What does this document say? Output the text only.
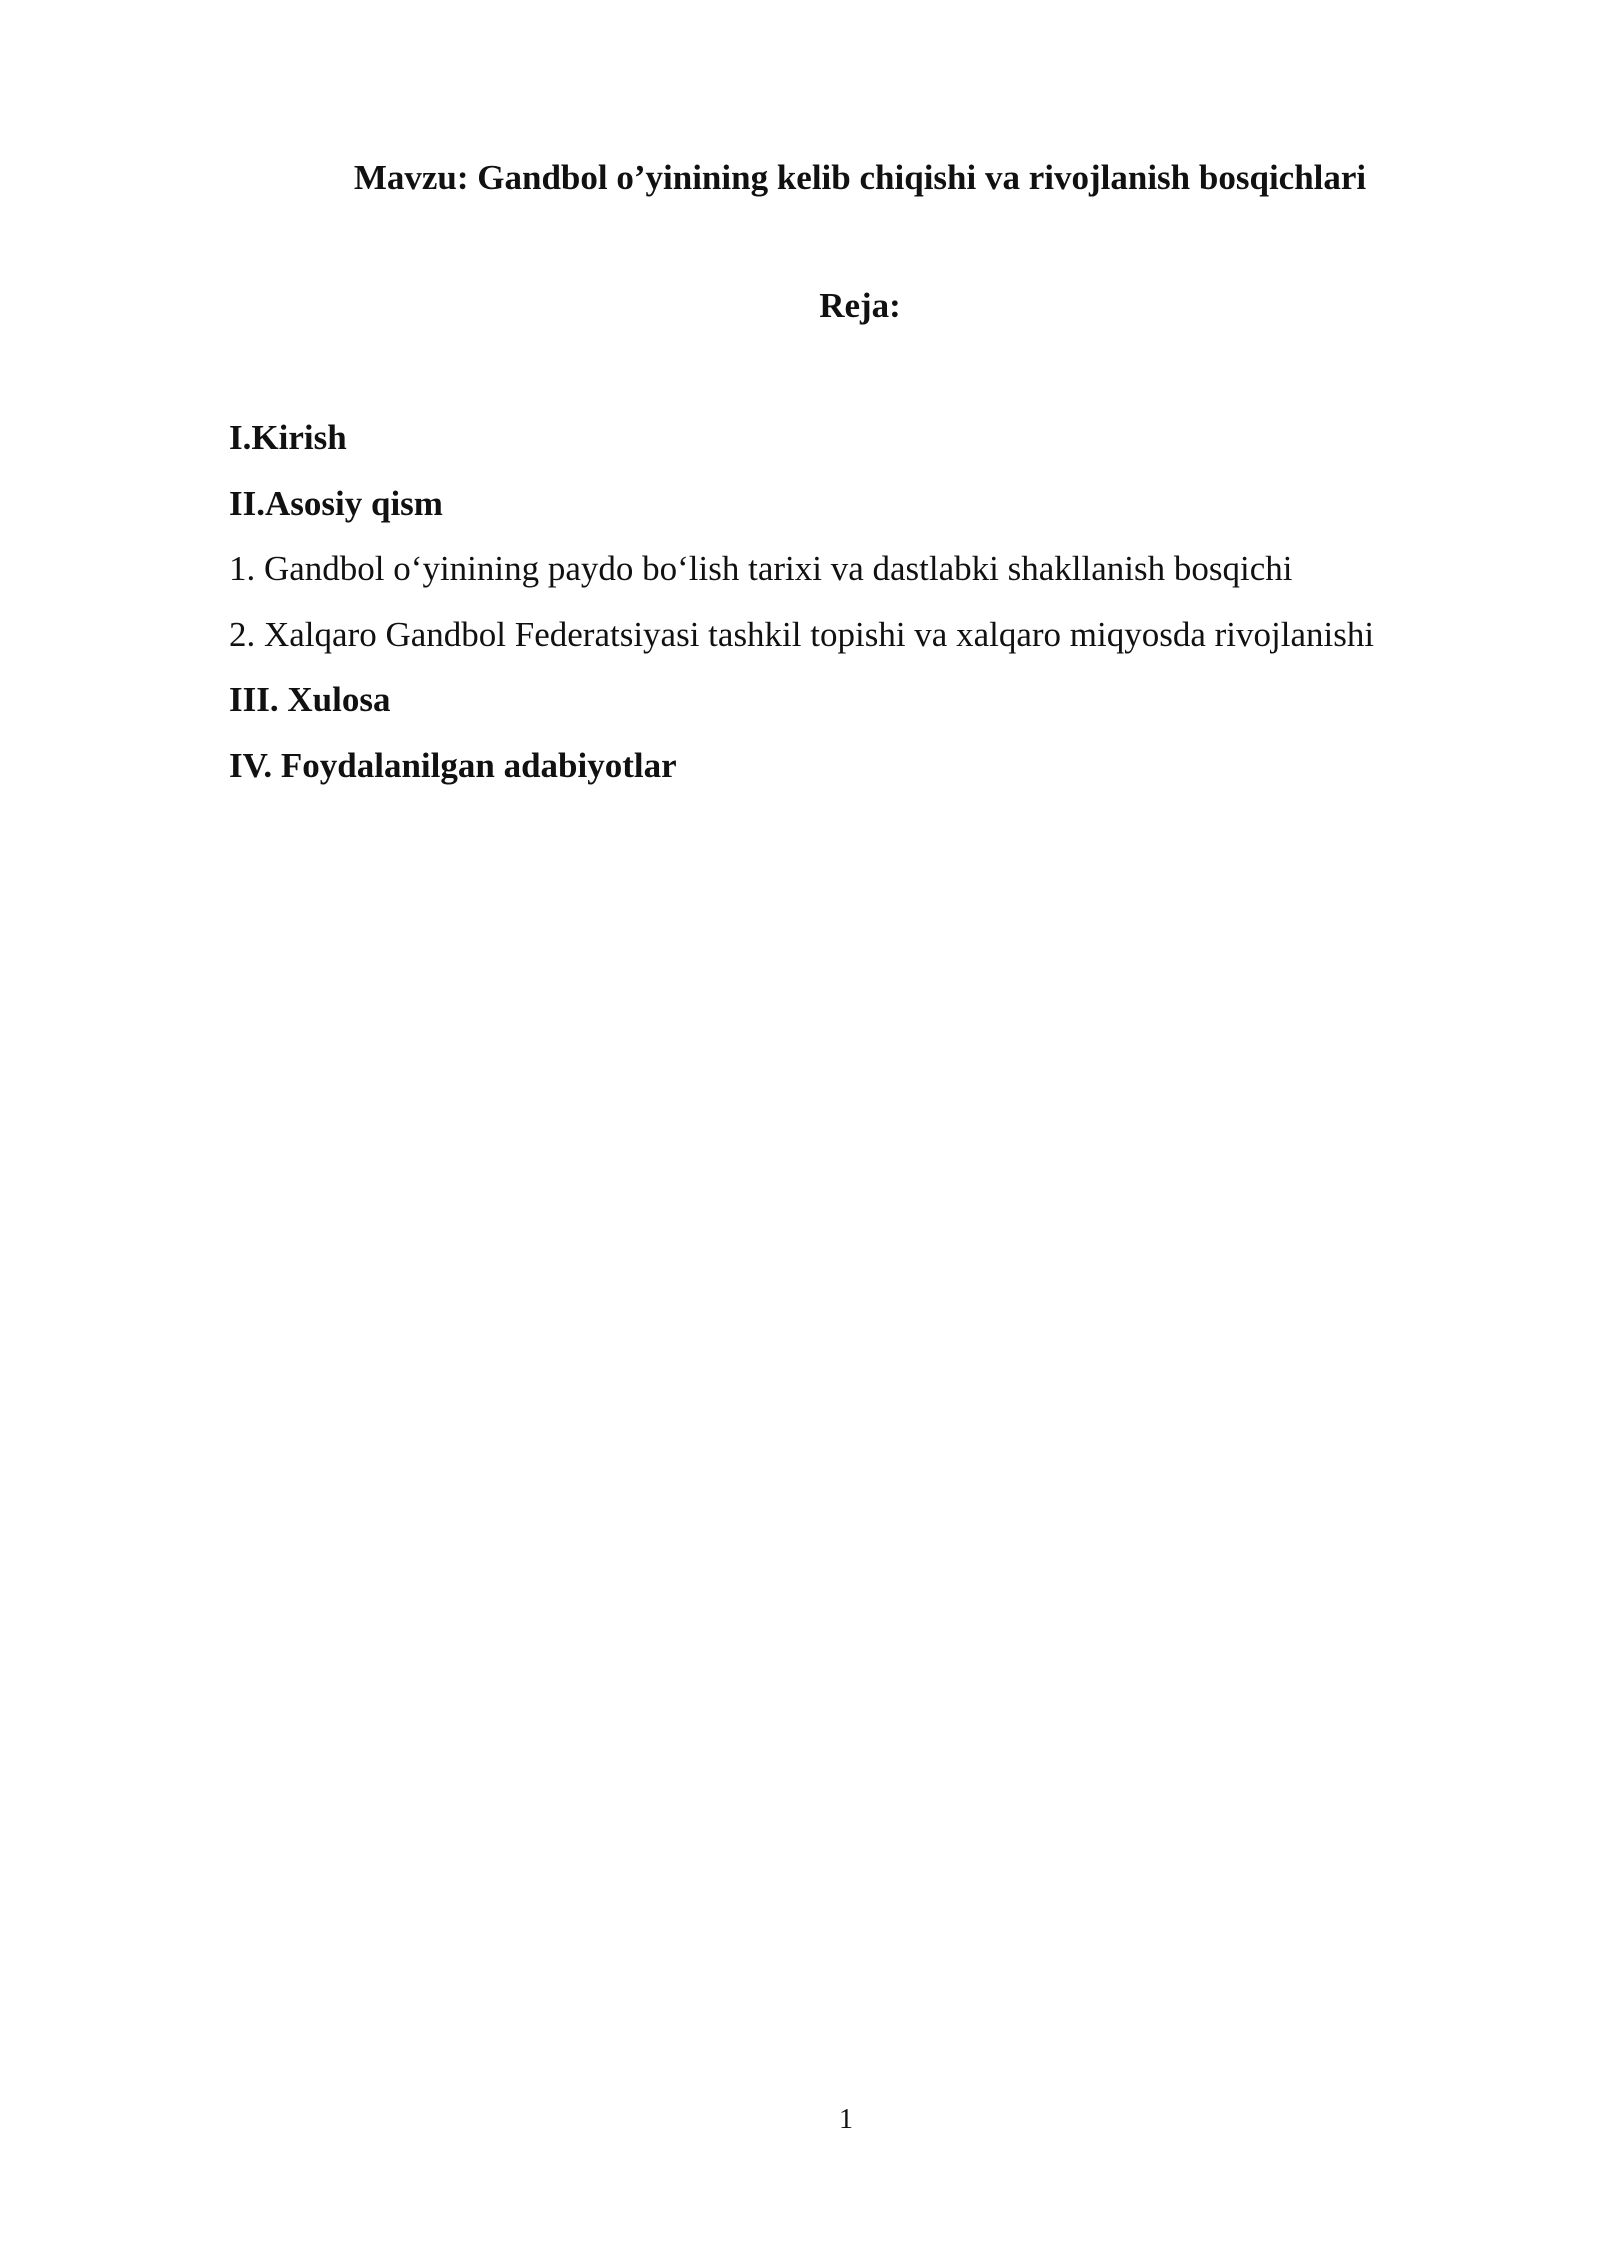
Mavzu: Gandbol o’yinining kelib chiqishi va rivojlanish bosqichlari
Reja:
I.Kirish
II.Asosiy qism
1. Gandbol o‘yinining paydo bo‘lish tarixi va dastlabki shakllanish bosqichi
2. Xalqaro Gandbol Federatsiyasi tashkil topishi va xalqaro miqyosda rivojlanishi
III. Xulosa
IV. Foydalanilgan adabiyotlar
1
